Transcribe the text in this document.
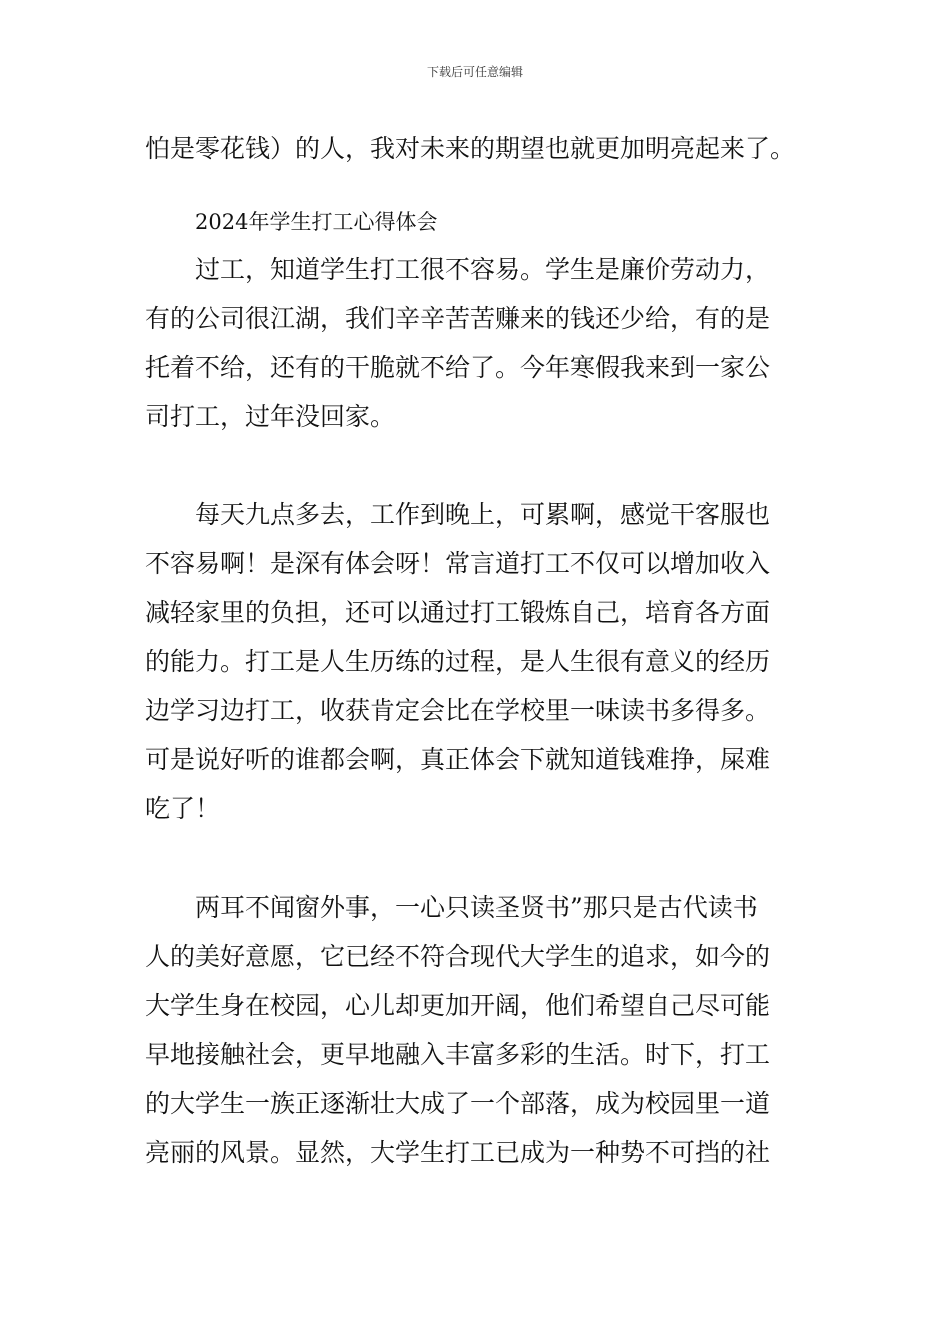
下载后可任意编辑
怕是零花钱）的人，我对未来的期望也就更加明亮起来了。
2024年学生打工心得体会
过工，知道学生打工很不容易。学生是廉价劳动力，
有的公司很江湖，我们辛辛苦苦赚来的钱还少给，有的是
托着不给，还有的干脆就不给了。今年寒假我来到一家公
司打工，过年没回家。
每天九点多去，工作到晚上，可累啊，感觉干客服也
不容易啊！是深有体会呀！常言道打工不仅可以增加收入
减轻家里的负担，还可以通过打工锻炼自己，培育各方面
的能力。打工是人生历练的过程，是人生很有意义的经历
边学习边打工，收获肯定会比在学校里一味读书多得多。
可是说好听的谁都会啊，真正体会下就知道钱难挣，屎难
吃了！
两耳不闻窗外事，一心只读圣贤书”那只是古代读书
人的美好意愿，它已经不符合现代大学生的追求，如今的
大学生身在校园，心儿却更加开阔，他们希望自己尽可能
早地接触社会，更早地融入丰富多彩的生活。时下，打工
的大学生一族正逐渐壮大成了一个部落，成为校园里一道
亮丽的风景。显然，大学生打工已成为一种势不可挡的社
